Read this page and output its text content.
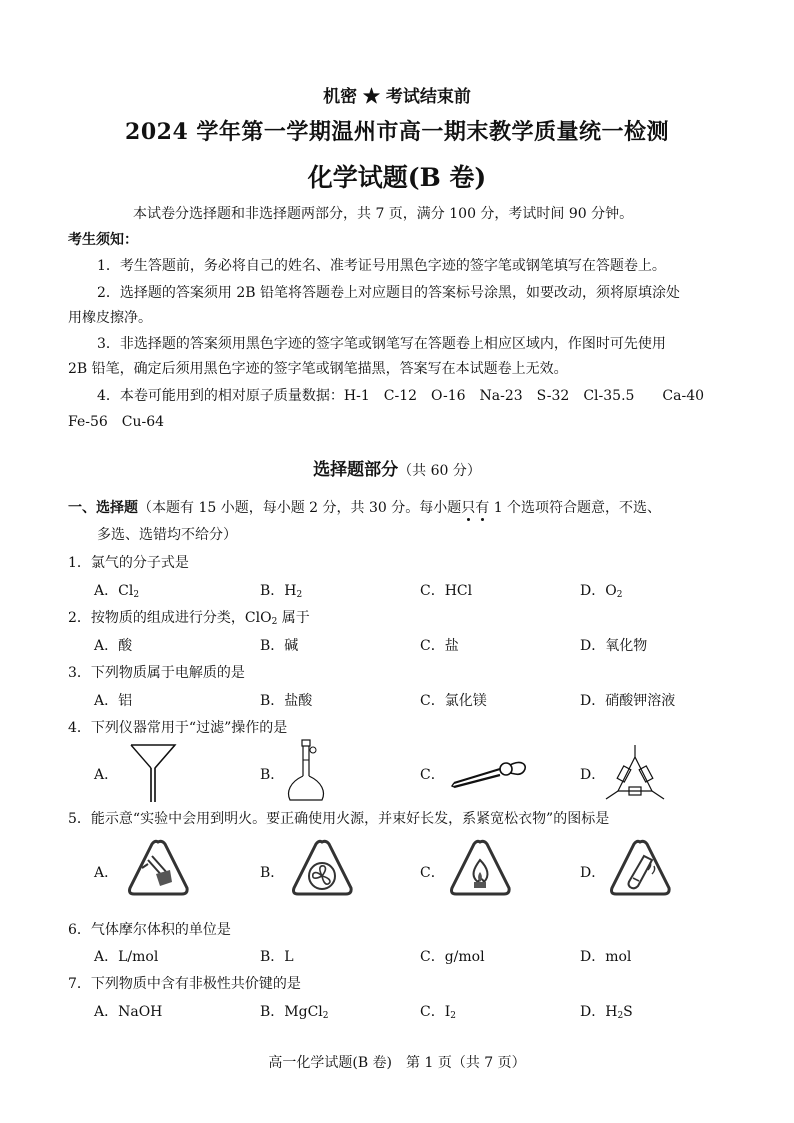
机密 ★ 考试结束前
2024 学年第一学期温州市高一期末教学质量统一检测
化学试题(B 卷)
本试卷分选择题和非选择题两部分，共 7 页，满分 100 分，考试时间 90 分钟。
考生须知：
1．考生答题前，务必将自己的姓名、准考证号用黑色字迹的签字笔或钢笔填写在答题卷上。
2．选择题的答案须用 2B 铅笔将答题卷上对应题目的答案标号涂黑，如要改动，须将原填涂处
用橡皮擦净。
3．非选择题的答案须用黑色字迹的签字笔或钢笔写在答题卷上相应区域内，作图时可先使用
2B 铅笔，确定后须用黑色字迹的签字笔或钢笔描黑，答案写在本试题卷上无效。
4．本卷可能用到的相对原子质量数据：H-1　C-12　O-16　Na-23　S-32　Cl-35.5　　Ca-40
Fe-56　Cu-64
选择题部分（共 60 分）
一、选择题（本题有 15 小题，每小题 2 分，共 30 分。每小题只有 1 个选项符合题意，不选、
多选、选错均不给分）
1．氯气的分子式是
A．$Cl_2$	B．$H_2$	C．HCl	D．$O_2$
2．按物质的组成进行分类，ClO$_2$ 属于
A．酸	B．碱	C．盐	D．氧化物
3．下列物质属于电解质的是
A．铝	B．盐酸	C．氯化镁	D．硝酸钾溶液
4．下列仪器常用于“过滤”操作的是
A．	B．	C．	D．
5．能示意“实验中会用到明火。要正确使用火源，并束好长发，系紧宽松衣物”的图标是
A．	B．	C．	D．
6．气体摩尔体积的单位是
A．L/mol	B．L	C．g/mol	D．mol
7．下列物质中含有非极性共价键的是
A．NaOH	B．MgCl$_2$	C．$I_2$	D．$H_2S$
高一化学试题(B 卷)　第 1 页（共 7 页）
